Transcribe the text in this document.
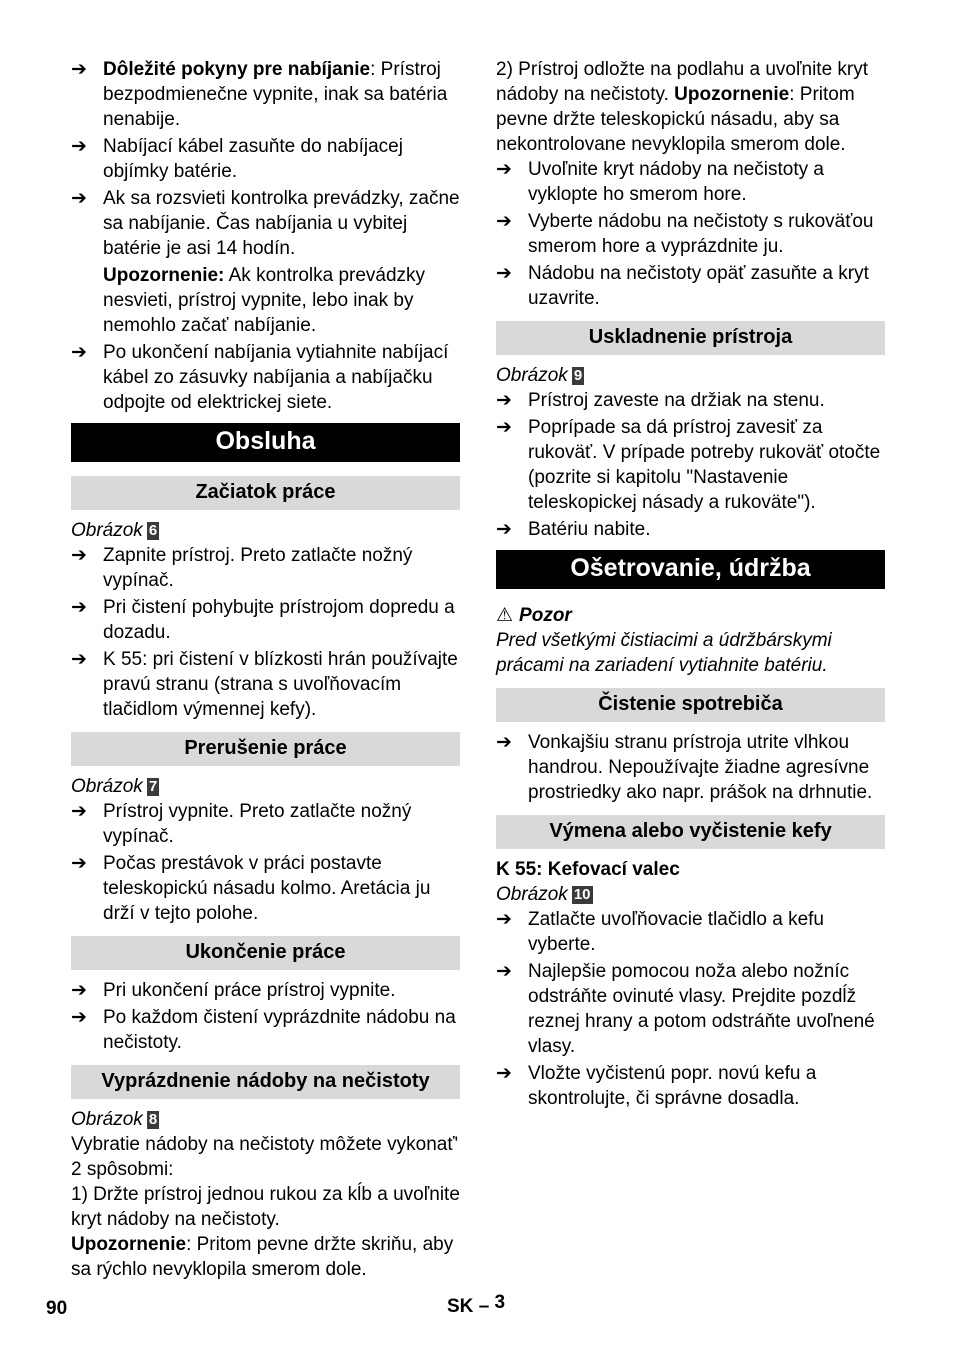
➔ Dôležité pokyny pre nabíjanie: Prístroj bezpodmienečne vypnite, inak sa batéria nenabije.
➔ Nabíjací kábel zasuňte do nabíjacej objímky batérie.
➔ Ak sa rozsvieti kontrolka prevádzky, začne sa nabíjanie. Čas nabíjania u vybitej batérie je asi 14 hodín.
Upozornenie: Ak kontrolka prevádzky nesvieti, prístroj vypnite, lebo inak by nemohlo začať nabíjanie.
➔ Po ukončení nabíjania vytiahnite nabíjací kábel zo zásuvky nabíjania a nabíjačku odpojte od elektrickej siete.
Obsluha
Začiatok práce
Obrázok 6
➔ Zapnite prístroj. Preto zatlačte nožný vypínač.
➔ Pri čistení pohybujte prístrojom dopredu a dozadu.
➔ K 55: pri čistení v blízkosti hrán používajte pravú stranu (strana s uvoľňovacím tlačidlom výmennej kefy).
Prerušenie práce
Obrázok 7
➔ Prístroj vypnite. Preto zatlačte nožný vypínač.
➔ Počas prestávok v práci postavte teleskopickú násadu kolmo. Aretácia ju drží v tejto polohe.
Ukončenie práce
➔ Pri ukončení práce prístroj vypnite.
➔ Po každom čistení vyprázdnite nádobu na nečistoty.
Vyprázdnenie nádoby na nečistoty
Obrázok 8
Vybratie nádoby na nečistoty môžete vykonať' 2 spôsobmi:
1) Držte prístroj jednou rukou za kĺb a uvoľnite kryt nádoby na nečistoty.
Upozornenie: Pritom pevne držte skriňu, aby sa rýchlo nevyklopila smerom dole.
2) Prístroj odložte na podlahu a uvoľnite kryt nádoby na nečistoty. Upozornenie: Pritom pevne držte teleskopickú násadu, aby sa nekontrolovane nevyklopila smerom dole.
➔ Uvoľnite kryt nádoby na nečistoty a vyklopte ho smerom hore.
➔ Vyberte nádobu na nečistoty s rukoväťou smerom hore a vyprázdnite ju.
➔ Nádobu na nečistoty opäť zasuňte a kryt uzavrite.
Uskladnenie prístroja
Obrázok 9
➔ Prístroj zaveste na držiak na stenu.
➔ Poprípade sa dá prístroj zavesiť za rukoväť. V prípade potreby rukoväť otočte (pozrite si kapitolu "Nastavenie teleskopickej násady a rukoväte").
➔ Batériu nabite.
Ošetrovanie, údržba
⚠ Pozor
Pred všetkými čistiacimi a údržbárskymi prácami na zariadení vytiahnite batériu.
Čistenie spotrebiča
➔ Vonkajšiu stranu prístroja utrite vlhkou handrou. Nepoužívajte žiadne agresívne prostriedky ako napr. prášok na drhnutie.
Výmena alebo vyčistenie kefy
K 55: Kefovací valec
Obrázok 10
➔ Zatlačte uvoľňovacie tlačidlo a kefu vyberte.
➔ Najlepšie pomocou noža alebo nožníc odstráňte ovinuté vlasy. Prejdite pozdĺž reznej hrany a potom odstráňte uvoľnené vlasy.
➔ Vložte vyčistenú popr. novú kefu a skontrolujte, či správne dosadla.
90	SK – 3
